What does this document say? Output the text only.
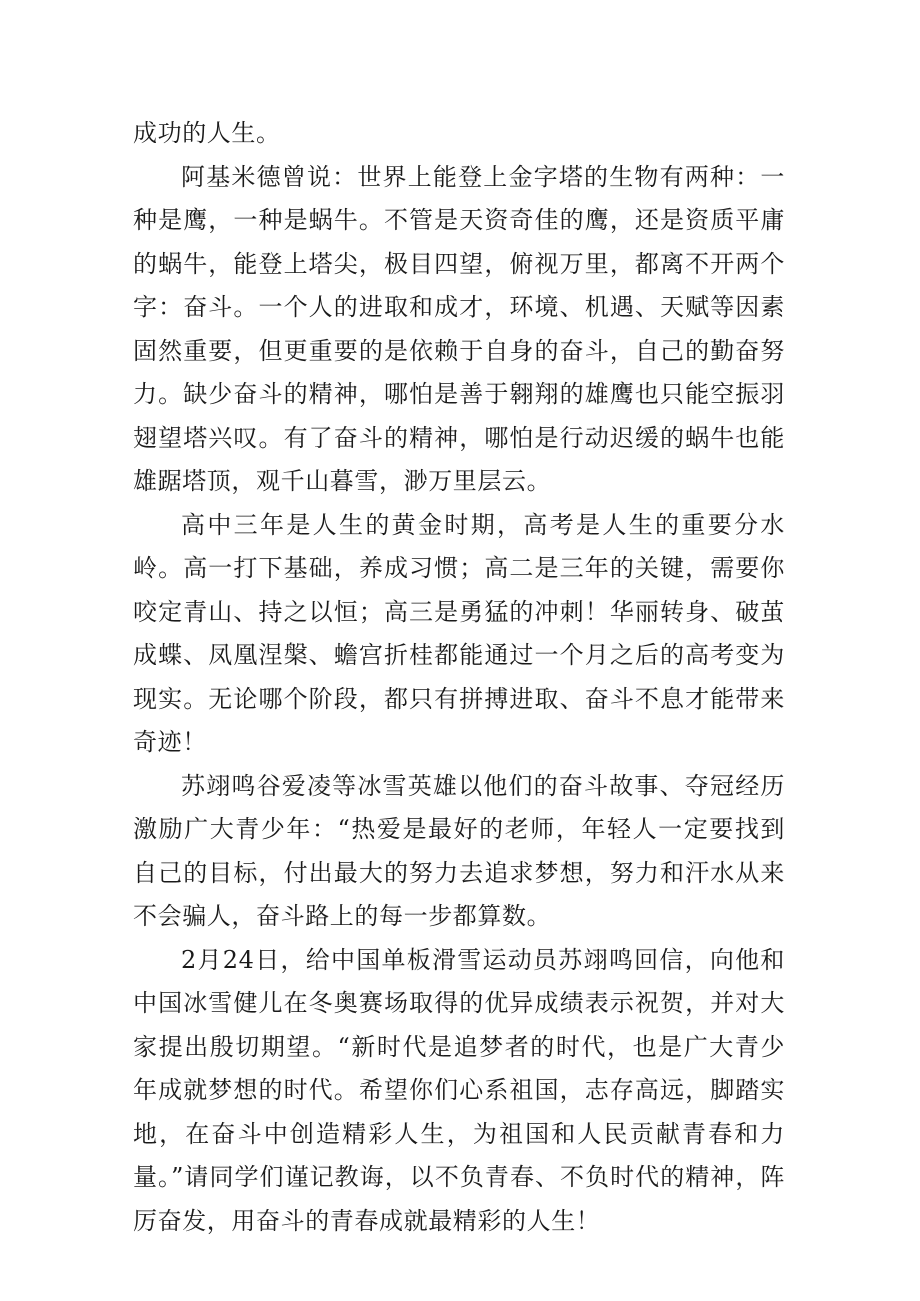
成功的人生。

阿基米德曾说：世界上能登上金字塔的生物有两种：一种是鹰，一种是蜗牛。不管是天资奇佳的鹰，还是资质平庸的蜗牛，能登上塔尖，极目四望，俯视万里，都离不开两个字：奋斗。一个人的进取和成才，环境、机遇、天赋等因素固然重要，但更重要的是依赖于自身的奋斗，自己的勤奋努力。缺少奋斗的精神，哪怕是善于翱翔的雄鹰也只能空振羽翅望塔兴叹。有了奋斗的精神，哪怕是行动迟缓的蜗牛也能雄踞塔顶，观千山暮雪，渺万里层云。

高中三年是人生的黄金时期，高考是人生的重要分水岭。高一打下基础，养成习惯；高二是三年的关键，需要你咬定青山、持之以恒；高三是勇猛的冲刺！华丽转身、破茧成蝶、凤凰涅槃、蟾宫折桂都能通过一个月之后的高考变为现实。无论哪个阶段，都只有拼搏进取、奋斗不息才能带来奇迹！

苏翊鸣谷爱凌等冰雪英雄以他们的奋斗故事、夺冠经历激励广大青少年：“热爱是最好的老师，年轻人一定要找到自己的目标，付出最大的努力去追求梦想，努力和汗水从来不会骗人，奋斗路上的每一步都算数。

2月24日，给中国单板滑雪运动员苏翊鸣回信，向他和中国冰雪健儿在冬奥赛场取得的优异成绩表示祝贺，并对大家提出殷切期望。“新时代是追梦者的时代，也是广大青少年成就梦想的时代。希望你们心系祖国，志存高远，脚踏实地，在奋斗中创造精彩人生，为祖国和人民贡献青春和力量。”请同学们谨记教诲，以不负青春、不负时代的精神，阵厉奋发，用奋斗的青春成就最精彩的人生！
